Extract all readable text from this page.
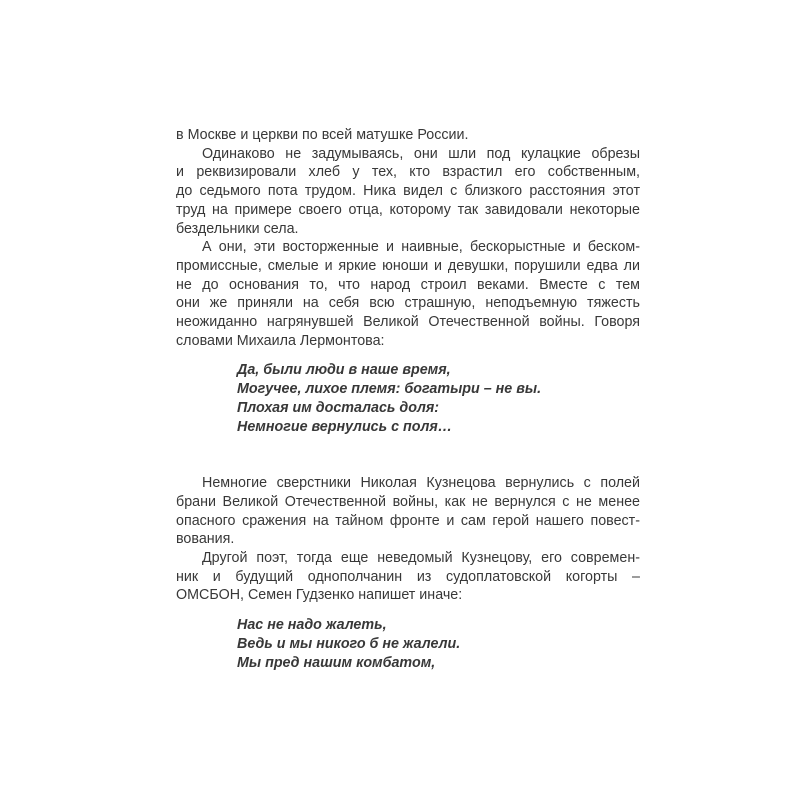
в Москве и церкви по всей матушке России.
Одинаково не задумываясь, они шли под кулацкие обрезы
и реквизировали хлеб у тех, кто взрастил его собственным,
до седьмого пота трудом. Ника видел с близкого расстояния этот
труд на примере своего отца, которому так завидовали некоторые
бездельники села.
А они, эти восторженные и наивные, бескорыстные и беском-
промиссные, смелые и яркие юноши и девушки, порушили едва ли
не до основания то, что народ строил веками. Вместе с тем
они же приняли на себя всю страшную, неподъемную тяжесть
неожиданно нагрянувшей Великой Отечественной войны. Говоря
словами Михаила Лермонтова:
Да, были люди в наше время,
Могучее, лихое племя: богатыри – не вы.
Плохая им досталась доля:
Немногие вернулись с поля…
Немногие сверстники Николая Кузнецова вернулись с полей
брани Великой Отечественной войны, как не вернулся с не менее
опасного сражения на тайном фронте и сам герой нашего повест-
вования.
Другой поэт, тогда еще неведомый Кузнецову, его современ-
ник и будущий однополчанин из судоплатовской когорты –
ОМСБОН, Семен Гудзенко напишет иначе:
Нас не надо жалеть,
Ведь и мы никого б не жалели.
Мы пред нашим комбатом,
